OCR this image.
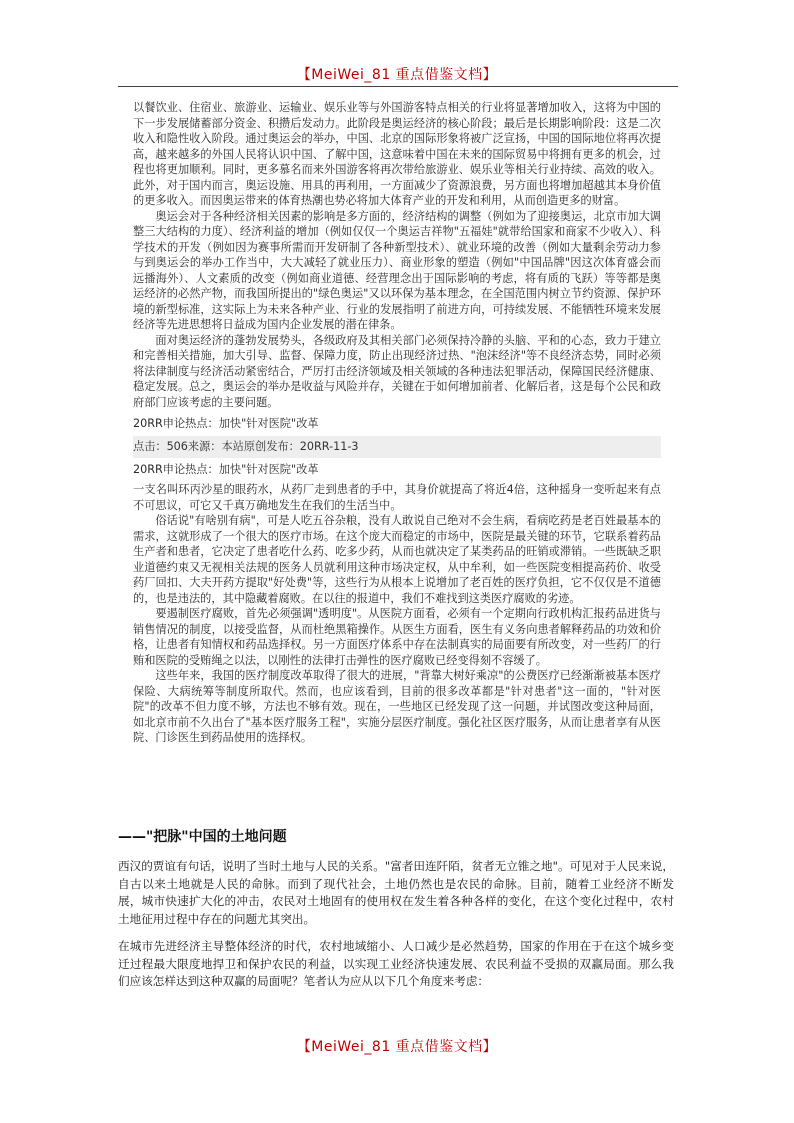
【MeiWei_81 重点借鉴文档】

以餐饮业、住宿业、旅游业、运输业、娱乐业等与外国游客特点相关的行业将显著增加收入，这将为中国的下一步发展储蓄部分资金、积攒后发动力。此阶段是奥运经济的核心阶段；最后是长期影响阶段：这是二次收入和隐性收入阶段。通过奥运会的举办，中国、北京的国际形象将被广泛宣扬，中国的国际地位将再次提高，越来越多的外国人民将认识中国、了解中国，这意味着中国在未来的国际贸易中将拥有更多的机会，过程也将更加顺利。同时，更多慕名而来外国游客将再次带给旅游业、娱乐业等相关行业持续、高效的收入。此外，对于国内而言，奥运设施、用具的再利用，一方面减少了资源浪费，另方面也将增加超越其本身价值的更多收入。而因奥运带来的体育热潮也势必将加大体育产业的开发和利用，从而创造更多的财富。

奥运会对于各种经济相关因素的影响是多方面的，经济结构的调整（例如为了迎接奥运，北京市加大调整三大结构的力度）、经济利益的增加（例如仅仅一个奥运吉祥物"五福娃"就带给国家和商家不少收入）、科学技术的开发（例如因为赛事所需而开发研制了各种新型技术）、就业环境的改善（例如大量剩余劳动力参与到奥运会的举办工作当中，大大减轻了就业压力）、商业形象的塑造（例如"中国品牌"因这次体育盛会而远播海外）、人文素质的改变（例如商业道德、经营理念出于国际影响的考虑，将有质的飞跃）等等都是奥运经济的必然产物，而我国所提出的"绿色奥运"又以环保为基本理念，在全国范围内树立节约资源、保护环境的新型标准，这实际上为未来各种产业、行业的发展指明了前进方向，可持续发展、不能牺牲环境来发展经济等先进思想将日益成为国内企业发展的潜在律条。

面对奥运经济的蓬勃发展势头，各级政府及其相关部门必须保持冷静的头脑、平和的心态，致力于建立和完善相关措施，加大引导、监督、保障力度，防止出现经济过热、"泡沫经济"等不良经济态势，同时必须将法律制度与经济活动紧密结合，严厉打击经济领域及相关领域的各种违法犯罪活动，保障国民经济健康、稳定发展。总之，奥运会的举办是收益与风险并存，关键在于如何增加前者、化解后者，这是每个公民和政府部门应该考虑的主要问题。

20RR申论热点：加快"针对医院"改革
点击：506来源：本站原创发布：20RR-11-3
20RR申论热点：加快"针对医院"改革

一支名叫环丙沙星的眼药水，从药厂走到患者的手中，其身价就提高了将近4倍，这种摇身一变听起来有点不可思议，可它又千真万确地发生在我们的生活当中。

俗话说"有啥别有病"，可是人吃五谷杂粮，没有人敢说自己绝对不会生病，看病吃药是老百姓最基本的需求，这就形成了一个很大的医疗市场。在这个庞大而稳定的市场中，医院是最关键的环节，它联系着药品生产者和患者，它决定了患者吃什么药、吃多少药，从而也就决定了某类药品的旺销或滞销。一些既缺乏职业道德约束又无视相关法规的医务人员就利用这种市场决定权，从中牟利，如一些医院变相提高药价、收受药厂回扣、大夫开药方提取"好处费"等，这些行为从根本上说增加了老百姓的医疗负担，它不仅仅是不道德的，也是违法的，其中隐藏着腐败。在以往的报道中，我们不难找到这类医疗腐败的劣迹。

要遏制医疗腐败，首先必须强调"透明度"。从医院方面看，必须有一个定期向行政机构汇报药品进货与销售情况的制度，以接受监督，从而杜绝黑箱操作。从医生方面看，医生有义务向患者解释药品的功效和价格，让患者有知情权和药品选择权。另一方面医疗体系中存在法制真实的局面要有所改变，对一些药厂的行贿和医院的受贿绳之以法，以刚性的法律打击弹性的医疗腐败已经变得刻不容缓了。

这些年来，我国的医疗制度改革取得了很大的进展，"背靠大树好乘凉"的公费医疗已经渐渐被基本医疗保险、大病统筹等制度所取代。然而，也应该看到，目前的很多改革都是"针对患者"这一面的，"针对医院"的改革不但力度不够，方法也不够有效。现在，一些地区已经发现了这一问题，并试图改变这种局面，如北京市前不久出台了"基本医疗服务工程"，实施分层医疗制度。强化社区医疗服务，从而让患者享有从医院、门诊医生到药品使用的选择权。

——"把脉"中国的土地问题

西汉的贾谊有句话，说明了当时土地与人民的关系。"富者田连阡陌，贫者无立锥之地"。可见对于人民来说，自古以来土地就是人民的命脉。而到了现代社会，土地仍然也是农民的命脉。目前，随着工业经济不断发展，城市快速扩大化的冲击，农民对土地固有的使用权在发生着各种各样的变化，在这个变化过程中，农村土地征用过程中存在的问题尤其突出。

在城市先进经济主导整体经济的时代，农村地域缩小、人口减少是必然趋势，国家的作用在于在这个城乡变迁过程最大限度地捍卫和保护农民的利益，以实现工业经济快速发展、农民利益不受损的双赢局面。那么我们应该怎样达到这种双赢的局面呢？笔者认为应从以下几个角度来考虑：

【MeiWei_81 重点借鉴文档】
